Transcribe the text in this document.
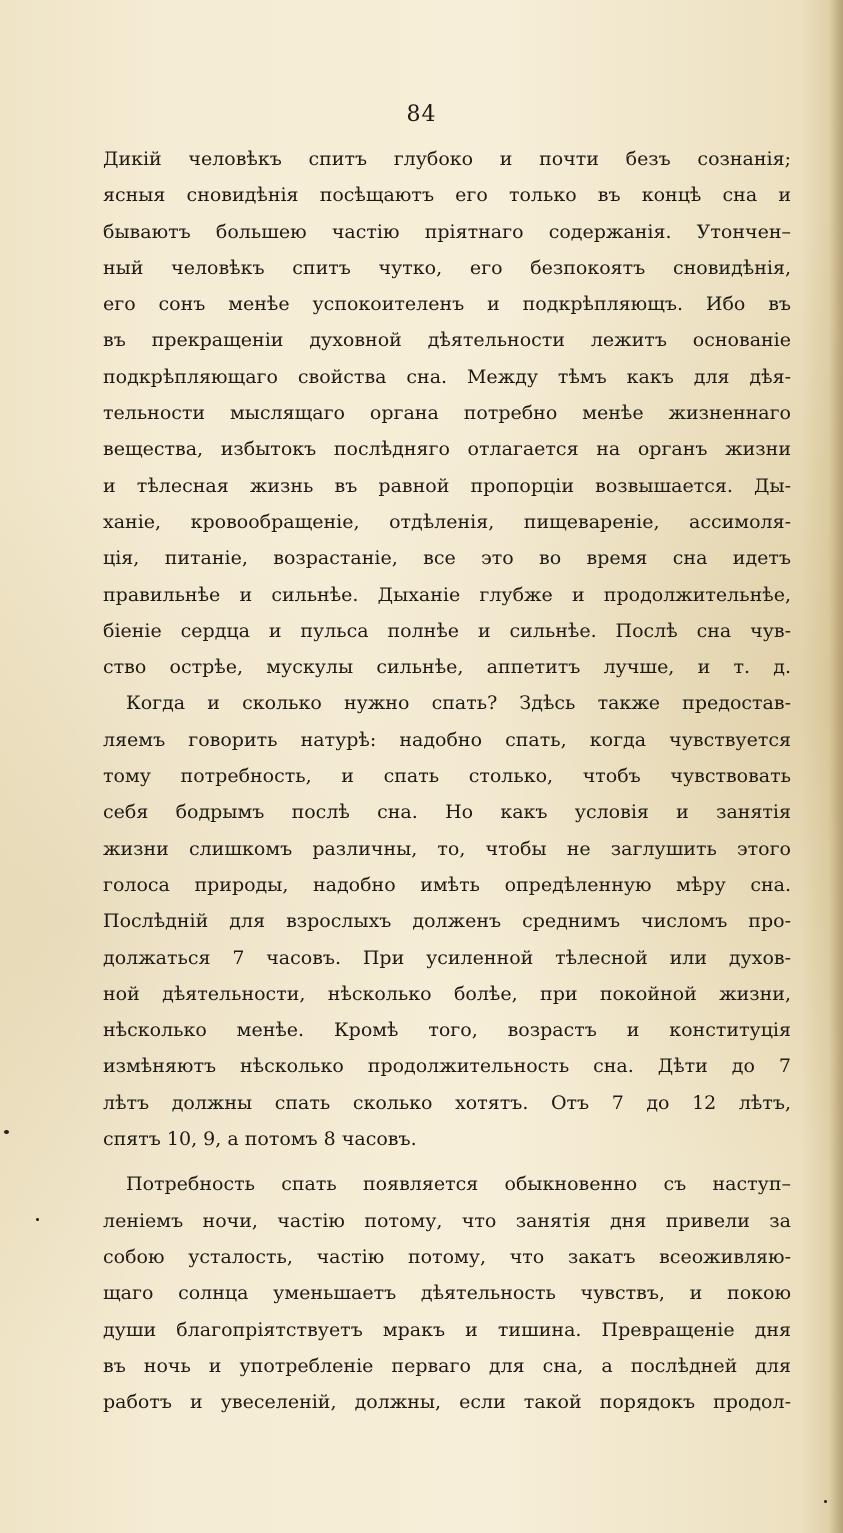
84
Дикій человѣкъ спитъ глубоко и почти безъ сознанія;
ясныя сновидѣнія посѣщаютъ его только въ концѣ сна и
бываютъ большею частію пріятнаго содержанія. Утончен–
ный человѣкъ спитъ чутко, его безпокоятъ сновидѣнія,
его сонъ менѣе успокоителенъ и подкрѣпляющъ. Ибо въ
въ прекращеніи духовной дѣятельности лежитъ основаніе
подкрѣпляющаго свойства сна. Между тѣмъ какъ для дѣя-
тельности мыслящаго органа потребно менѣе жизненнаго
вещества, избытокъ послѣдняго отлагается на органъ жизни
и тѣлесная жизнь въ равной пропорціи возвышается. Ды-
ханіе, кровообращеніе, отдѣленія, пищевареніе, ассимоля-
ція, питаніе, возрастаніе, все это во время сна идетъ
правильнѣе и сильнѣе. Дыханіе глубже и продолжительнѣе,
біеніе сердца и пульса полнѣе и сильнѣе. Послѣ сна чув-
ство острѣе, мускулы сильнѣе, аппетитъ лучше, и т. д.
Когда и сколько нужно спать? Здѣсь также предостав-
ляемъ говорить натурѣ: надобно спать, когда чувствуется
тому потребность, и спать столько, чтобъ чувствовать
себя бодрымъ послѣ сна. Но какъ условія и занятія
жизни слишкомъ различны, то, чтобы не заглушить этого
голоса природы, надобно имѣть опредѣленную мѣру сна.
Послѣдній для взрослыхъ долженъ среднимъ числомъ про-
должаться 7 часовъ. При усиленной тѣлесной или духов-
ной дѣятельности, нѣсколько болѣе, при покойной жизни,
нѣсколько менѣе. Кромѣ того, возрастъ и конституція
измѣняютъ нѣсколько продолжительность сна. Дѣти до 7
лѣтъ должны спать сколько хотятъ. Отъ 7 до 12 лѣтъ,
спятъ 10, 9, а потомъ 8 часовъ.
Потребность спать появляется обыкновенно съ наступ–
леніемъ ночи, частію потому, что занятія дня привели за
собою усталость, частію потому, что закатъ всеоживляю-
щаго солнца уменьшаетъ дѣятельность чувствъ, и покою
души благопріятствуетъ мракъ и тишина. Превращеніе дня
въ ночь и употребленіе перваго для сна, а послѣдней для
работъ и увеселеній, должны, если такой порядокъ продол-
